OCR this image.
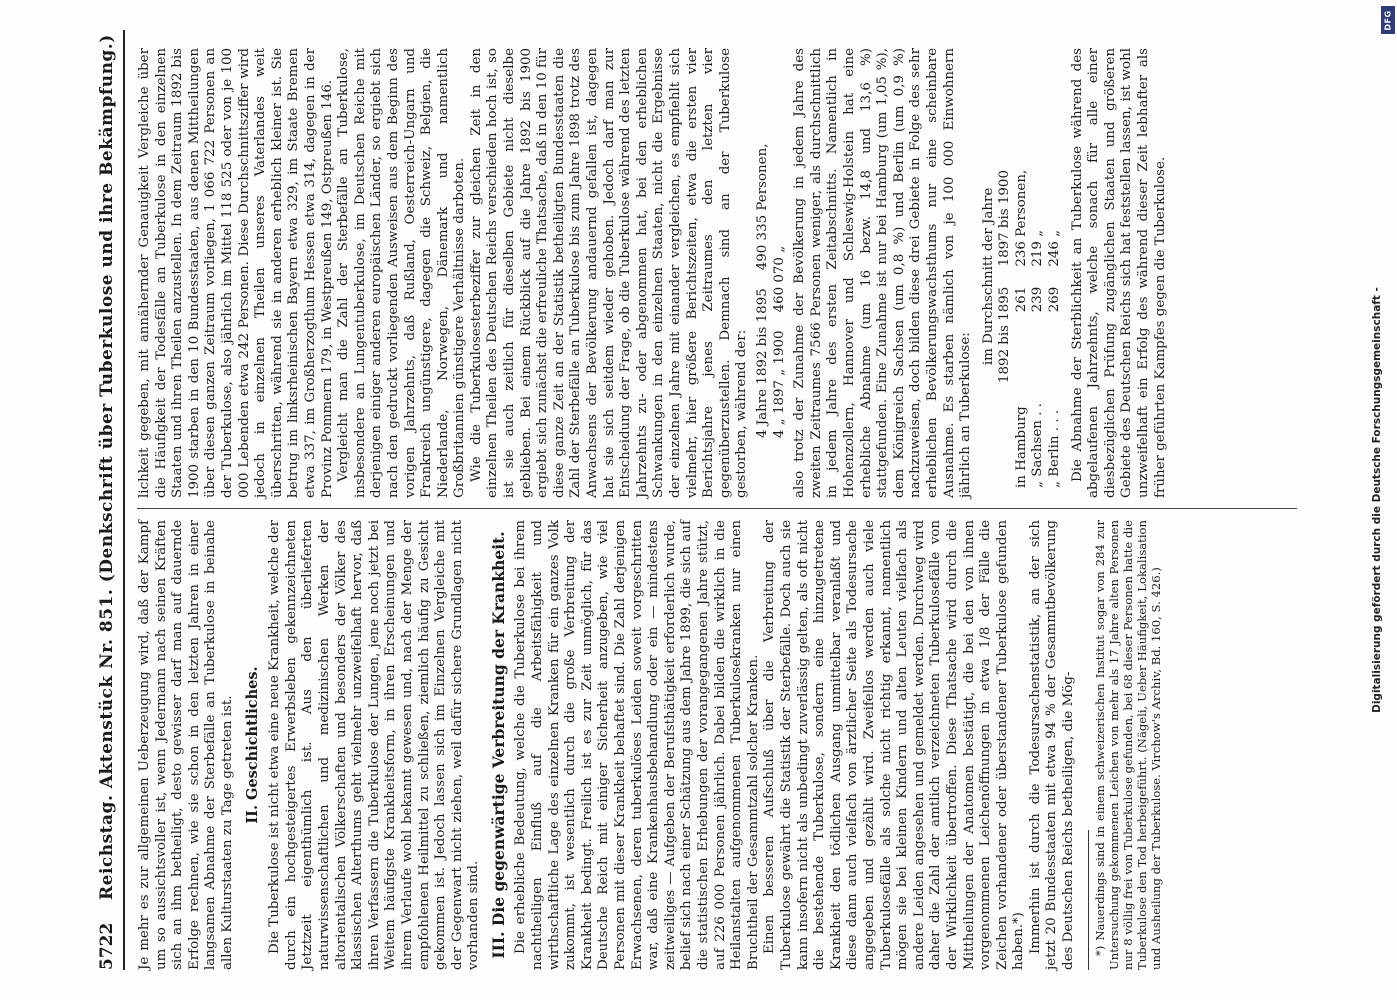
5722
Reichstag. Aktenstück Nr. 851. (Denkschrift über Tuberkulose und ihre Bekämpfung.) Je mehr es zur allgemeinen Ueberzeugung wird, daß der Kampf um so aussichtsvoller ist, wenn Jedermann nach seinen Kräften sich an ihm betheiligt, desto gewisser darf man auf dauernde Erfolge rechnen, wie sie schon in den letzten Jahren in einer langsamen Abnahme der Sterbefälle an Tuberkulose in beinahe allen Kulturstaaten zu Tage getreten ist. II. Geschichtliches. Die Tuberkulose ist nicht etwa eine neue Krankheit, welche der durch ein hochgesteigertes Erwerbsleben gekennzeichneten Jetztzeit eigenthümlich ist. Aus den überlieferten naturwissenschaftlichen und medizinischen Werken der altorientalischen Völkerschaften und besonders der Völker des klassischen Alterthums geht vielmehr unzweifelhaft hervor, daß ihren Verfassern die Tuberkulose der Lungen, jene noch jetzt bei Weitem häufigste Krankheitsform, in ihren Erscheinungen und ihrem Verlaufe wohl bekannt gewesen und, nach der Menge der empfohlenen Heilmittel zu schließen, ziemlich häufig zu Gesicht gekommen ist. Jedoch lassen sich im Einzelnen Vergleiche mit der Gegenwart nicht ziehen, weil dafür sichere Grundlagen nicht vorhanden sind. III. Die gegenwärtige Verbreitung der Krankheit. Die erhebliche Bedeutung, welche die Tuberkulose bei ihrem nachtheiligen Einfluß auf die Arbeitsfähigkeit und wirthschaftliche Lage des einzelnen Kranken für ein ganzes Volk zukommt, ist wesentlich durch die große Verbreitung der Krankheit bedingt. Freilich ist es zur Zeit unmöglich, für das Deutsche Reich mit einiger Sicherheit anzugeben, wie viel Personen mit dieser Krankheit behaftet sind. Die Zahl derjenigen Erwachsenen, deren tuberkulöses Leiden soweit vorgeschritten war, daß eine Krankenhausbehandlung oder ein — mindestens zeitweiliges — Aufgeben der Berufsthätigkeit erforderlich wurde, belief sich nach einer Schätzung aus dem Jahre 1899, die sich auf die statistischen Erhebungen der vorangegangenen Jahre stützt, auf 226 000 Personen jährlich. Dabei bilden die wirklich in die Heilanstalten aufgenommenen Tuberkulosekranken nur einen Bruchtheil der Gesammtzahl solcher Kranken. Einen besseren Aufschluß über die Verbreitung der Tuberkulose gewährt die Statistik der Sterbefälle. Doch auch sie kann insofern nicht als unbedingt zuverlässig gelten, als oft nicht die bestehende Tuberkulose, sondern eine hinzugetretene Krankheit den tödlichen Ausgang unmittelbar veranlaßt und diese dann auch vielfach von ärztlicher Seite als Todesursache angegeben und gezählt wird. Zweifellos werden auch viele Tuberkulosefälle als solche nicht richtig erkannt, namentlich mögen sie bei kleinen Kindern und alten Leuten vielfach als andere Leiden angesehen und gemeldet werden. Durchweg wird daher die Zahl der amtlich verzeichneten Tuberkulosefälle von der Wirklichkeit übertroffen. Diese Thatsache wird durch die Mittheilungen der Anatomen bestätigt, die bei den von ihnen vorgenommenen Leichenöffnungen in etwa 1/8 der Fälle die Zeichen vorhandener oder überstandener Tuberkulose gefunden haben.*) Immerhin ist durch die Todesursachenstatistik, an der sich jetzt 20 Bundesstaaten mit etwa 94 % der Gesammtbevölkerung des Deutschen Reichs betheiligen, die Mög- *) Nauerdings sind in einem schweizerischen Institut sogar von 284 zur Untersuchung gekommenen Leichen von mehr als 17 Jahre alten Personen nur 8 völlig frei von Tuberkulose gefunden, bei 68 dieser Personen hatte die Tuberkulose den Tod herbeigeführt. (Nägeli, Ueber Häufigkeit, Lokalisation und Ausheilung der Tuberkulose. Virchow's Archiv, Bd. 160, S. 426.)

lichkeit gegeben, mit annähernder Genauigkeit Vergleiche über die Häufigkeit der Todesfälle an Tuberkulose in den einzelnen Staaten und ihren Theilen anzustellen. In dem Zeitraum 1892 bis 1900 starben in den 10 Bundesstaaten, aus denen Mittheilungen über diesen ganzen Zeitraum vorliegen, 1 066 722 Personen an der Tuberkulose, also jährlich im Mittel 118 525 oder von je 100 000 Lebenden etwa 242 Personen. Diese Durchschnittsziffer wird jedoch in einzelnen Theilen unseres Vaterlandes weit überschritten, während sie in anderen erheblich kleiner ist. Sie betrug im linksrheinischen Bayern etwa 329, im Staate Bremen etwa 337, im Großherzogthum Hessen etwa 314, dagegen in der Provinz Pommern 179, in Westpreußen 149, Ostpreußen 146. Vergleicht man die Zahl der Sterbefälle an Tuberkulose, insbesondere an Lungentuberkulose, im Deutschen Reiche mit derjenigen einiger anderen europäischen Länder, so ergiebt sich nach den gedruckt vorliegenden Ausweisen aus dem Beginn des vorigen Jahrzehnts, daß Rußland, Oesterreich-Ungarn und Frankreich ungünstigere, dagegen die Schweiz, Belgien, die Niederlande, Norwegen, Dänemark und namentlich Großbritannien günstigere Verhältnisse darboten. Wie die Tuberkulosesterbeziffer zur gleichen Zeit in den einzelnen Theilen des Deutschen Reichs verschieden hoch ist, so ist sie auch zeitlich für dieselben Gebiete nicht dieselbe geblieben. Bei einem Rückblick auf die Jahre 1892 bis 1900 ergiebt sich zunächst die erfreuliche Thatsache, daß in den 10 für diese ganze Zeit an der Statistik betheiligten Bundesstaaten die Zahl der Sterbefälle an Tuberkulose bis zum Jahre 1898 trotz des Anwachsens der Bevölkerung andauernd gefallen ist, dagegen hat sie sich seitdem wieder gehoben. Jedoch darf man zur Entscheidung der Frage, ob die Tuberkulose während des letzten Jahrzehnts zu- oder abgenommen hat, bei den erheblichen Schwankungen in den einzelnen Staaten, nicht die Ergebnisse der einzelnen Jahre mit einander vergleichen, es empfiehlt sich vielmehr, hier größere Berichtszeiten, etwa die ersten vier Berichtsjahre jenes Zeitraumes den letzten vier gegenüberzustellen. Demnach sind an der Tuberkulose gestorben, während der: 4 Jahre 1892 bis 1895
490 335 Personen,
4 „ 1897 „ 1900
460 070 „ also trotz der Zunahme der Bevölkerung in jedem Jahre des zweiten Zeitraumes 7566 Personen weniger, als durchschnittlich in jedem Jahre des ersten Zeitabschnitts. Namentlich in Hohenzollern, Hannover und Schleswig-Holstein hat eine erhebliche Abnahme (um 16 bezw. 14,8 und 13,6 %) stattgefunden. Eine Zunahme ist nur bei Hamburg (um 1,05 %), dem Königreich Sachsen (um 0,8 %) und Berlin (um 0,9 %) nachzuweisen, doch bilden diese drei Gebiete in Folge des sehr erheblichen Bevölkerungswachsthums nur eine scheinbare Ausnahme. Es starben nämlich von je 100 000 Einwohnern jährlich an Tuberkulose:

	im Durchschnitt der Jahre	
	1892 bis 1895	1897 bis 1900
in Hamburg	261	236 Personen,
„ Sachsen . .	239	219 „
„ Berlin . . .	269	246 „ Die Abnahme der Sterblichkeit an Tuberkulose während des abgelaufenen Jahrzehnts, welche sonach für alle einer diesbezüglichen Prüfung zugänglichen Staaten und größeren Gebiete des Deutschen Reichs sich hat feststellen lassen, ist wohl unzweifelhaft ein Erfolg des während dieser Zeit lebhafter als früher geführten Kampfes gegen die Tuberkulose.	Digitalisierung gefördert durch die Deutsche Forschungsgemeinschaft -
DFG
